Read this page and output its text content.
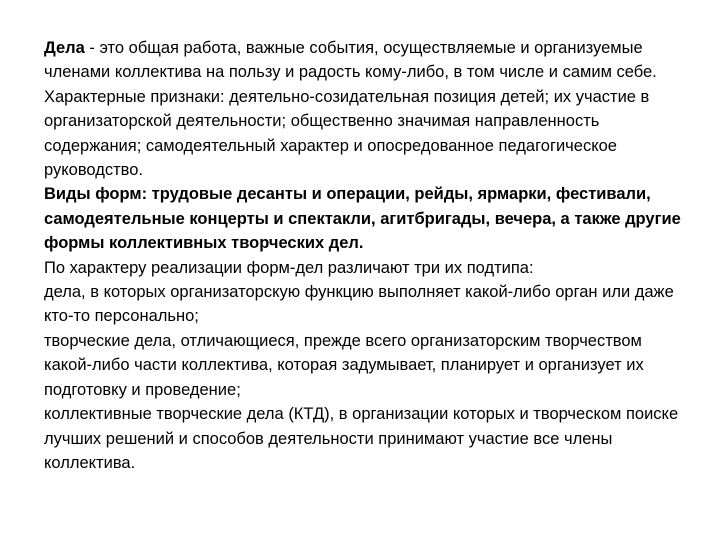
Дела - это общая работа, важные события, осуществляемые и организуемые членами коллектива на пользу и радость кому-либо, в том числе и самим себе.

Характерные признаки: деятельно-созидательная позиция детей; их участие в организаторской деятельности; общественно значимая направленность содержания; самодеятельный характер и опосредованное педагогическое руководство.

Виды форм: трудовые десанты и операции, рейды, ярмарки, фестивали, самодеятельные концерты и спектакли, агитбригады, вечера, а также другие формы коллективных творческих дел.

По характеру реализации форм-дел различают три их подтипа:

дела, в которых организаторскую функцию выполняет какой-либо орган или даже кто-то персонально;

творческие дела, отличающиеся, прежде всего организаторским творчеством какой-либо части коллектива, которая задумывает, планирует и организует их подготовку и проведение;

коллективные творческие дела (КТД), в организации которых и творческом поиске лучших решений и способов деятельности принимают участие все члены коллектива.
